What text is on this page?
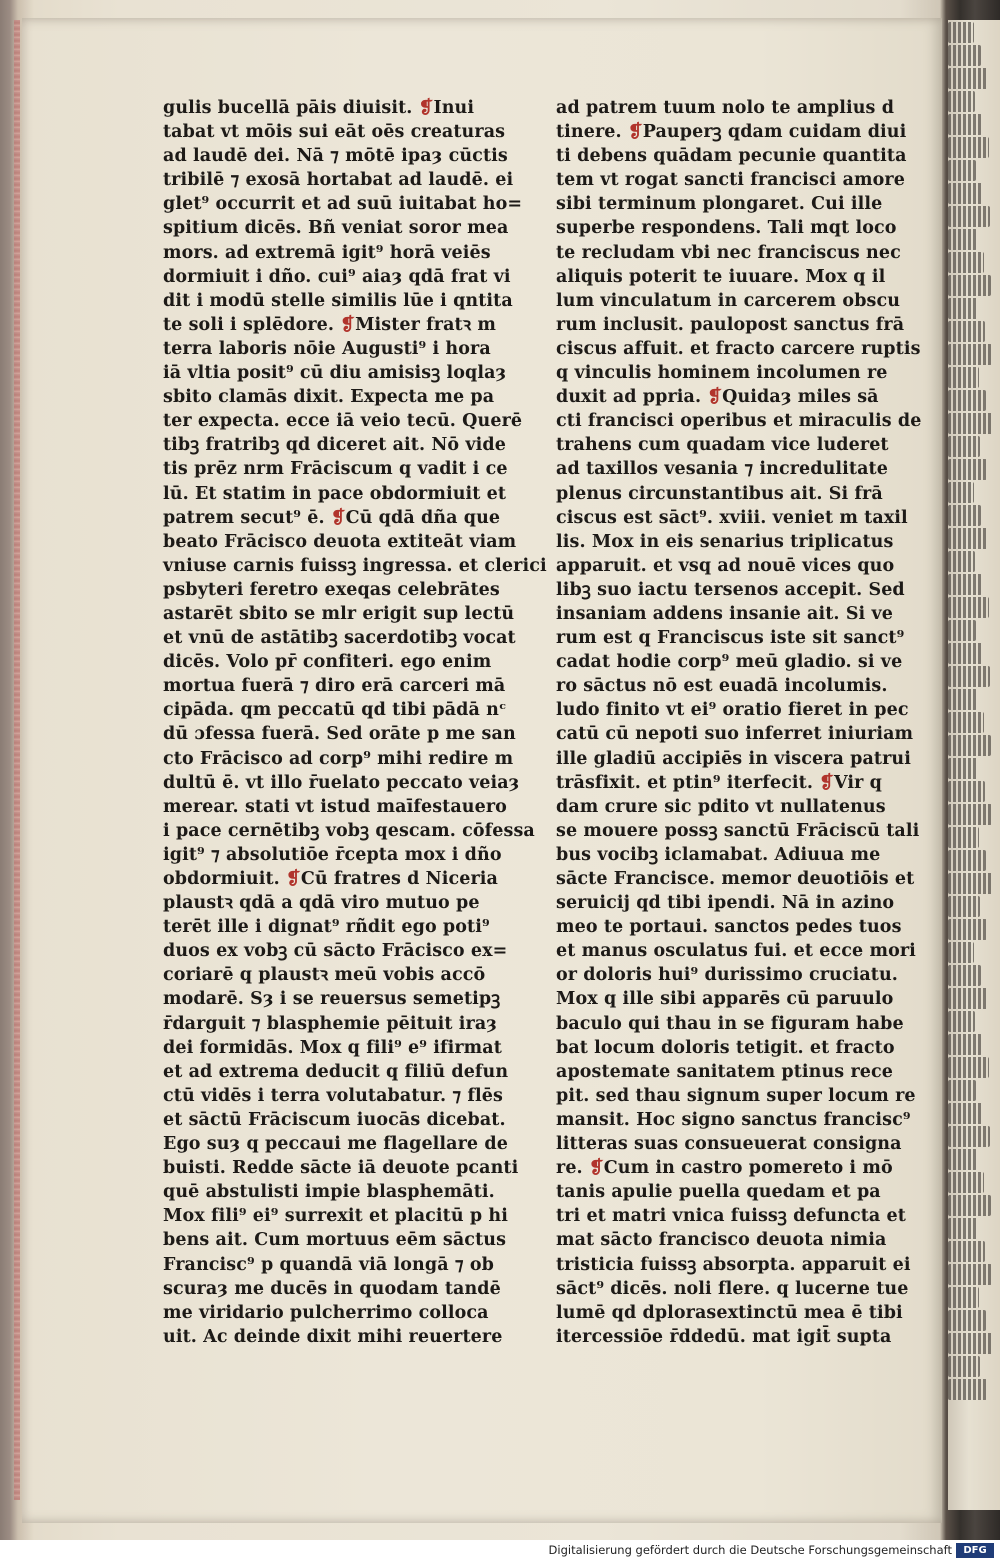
gulis bucellā pāis diuisit. ❡Inui
tabat vt mōis sui eāt oēs creaturas
ad laudē dei. Nā ⁊ mōtē ipaȝ cūctis
tribilē ⁊ exosā hortabat ad laudē. ei
glet⁹ occurrit et ad suū iuitabat ho=
spitium dicēs. Bñ veniat soror mea
mors. ad extremā igit⁹ horā veiēs
dormiuit i dño. cui⁹ aiaȝ qdā frat vi
dit i modū stelle similis lūe i qntita
te soli i splēdore. ❡Mister fratꝛ m
terra laboris nōie Augusti⁹ i hora
iā vltia posit⁹ cū diu amisisꝫ loqlaȝ
sbito clamās dixit. Expecta me pa
ter expecta. ecce iā veio tecū. Querē
tibꝫ fratribꝫ qd diceret ait. Nō vide
tis prēz nrm Frāciscum q vadit i ce
lū. Et statim in pace obdormiuit et
patrem secut⁹ ē. ❡Cū qdā dña que
beato Frācisco deuota extiteāt viam
vniuse carnis fuissꝫ ingressa. et clerici
psbyteri feretro exeqas celebrātes
astarēt sbito se mlr erigit sup lectū
et vnū de astātibꝫ sacerdotibꝫ vocat
dicēs. Volo pr̄ confiteri. ego enim
mortua fuerā ⁊ diro erā carceri mā
cipāda. qm peccatū qd tibi pādā nᶜ
dū ɔfessa fuerā. Sed orāte p me san
cto Frācisco ad corp⁹ mihi redire m
dultū ē. vt illo r̄uelato peccato veiaȝ
merear. stati vt istud maīfestauero
i pace cernētibꝫ vobꝫ qescam. cōfessa
igit⁹ ⁊ absolutiōe r̄cepta mox i dño
obdormiuit. ❡Cū fratres d Niceria
plaustꝛ qdā a qdā viro mutuo pe
terēt ille i dignat⁹ rñdit ego poti⁹
duos ex vobꝫ cū sācto Frācisco ex=
coriarē q plaustꝛ meū vobis accō
modarē. Sȝ i se reuersus semetipꝫ
r̄darguit ⁊ blasphemie pēituit iraȝ
dei formidās. Mox q fili⁹ e⁹ ifirmat
et ad extrema deducit q filiū defun
ctū vidēs i terra volutabatur. ⁊ flēs
et sāctū Frāciscum iuocās dicebat.
Ego suȝ q peccaui me flagellare de
buisti. Redde sācte iā deuote pcanti
quē abstulisti impie blasphemāti.
Mox fili⁹ ei⁹ surrexit et placitū p hi
bens ait. Cum mortuus eēm sāctus
Francisc⁹ p quandā viā longā ⁊ ob
scuraȝ me ducēs in quodam tandē
me viridario pulcherrimo colloca
uit. Ac deinde dixit mihi reuertere
ad patrem tuum nolo te amplius d
tinere. ❡Pauperꝫ qdam cuidam diui
ti debens quādam pecunie quantita
tem vt rogat sancti francisci amore
sibi terminum plongaret. Cui ille
superbe respondens. Tali mqt loco
te recludam vbi nec franciscus nec
aliquis poterit te iuuare. Mox q il
lum vinculatum in carcerem obscu
rum inclusit. paulopost sanctus frā
ciscus affuit. et fracto carcere ruptis
q vinculis hominem incolumen re
duxit ad ppria. ❡Quidaȝ miles sā
cti francisci operibus et miraculis de
trahens cum quadam vice luderet
ad taxillos vesania ⁊ incredulitate
plenus circunstantibus ait. Si frā
ciscus est sāct⁹. xviii. veniet m taxil
lis. Mox in eis senarius triplicatus
apparuit. et vsq ad nouē vices quo
libꝫ suo iactu tersenos accepit. Sed
insaniam addens insanie ait. Si ve
rum est q Franciscus iste sit sanct⁹
cadat hodie corp⁹ meū gladio. si ve
ro sāctus nō est euadā incolumis.
ludo finito vt ei⁹ oratio fieret in pec
catū cū nepoti suo inferret iniuriam
ille gladiū accipiēs in viscera patrui
trāsfixit. et ptin⁹ iterfecit. ❡Vir q
dam crure sic pdito vt nullatenus
se mouere possꝫ sanctū Frāciscū tali
bus vocibꝫ iclamabat. Adiuua me
sācte Francisce. memor deuotiōis et
seruicij qd tibi ipendi. Nā in azino
meo te portaui. sanctos pedes tuos
et manus osculatus fui. et ecce mori
or doloris hui⁹ durissimo cruciatu.
Mox q ille sibi apparēs cū paruulo
baculo qui thau in se figuram habe
bat locum doloris tetigit. et fracto
apostemate sanitatem ptinus rece
pit. sed thau signum super locum re
mansit. Hoc signo sanctus francisc⁹
litteras suas consueuerat consigna
re. ❡Cum in castro pomereto i mō
tanis apulie puella quedam et pa
tri et matri vnica fuissꝫ defuncta et
mat sācto francisco deuota nimia
tristicia fuissꝫ absorpta. apparuit ei
sāct⁹ dicēs. noli flere. q lucerne tue
lumē qd dplorasextinctū mea ē tibi
itercessiōe r̄ddedū. mat igit̄ supta
Digitalisierung gefördert durch die Deutsche Forschungsgemeinschaft	DFG
